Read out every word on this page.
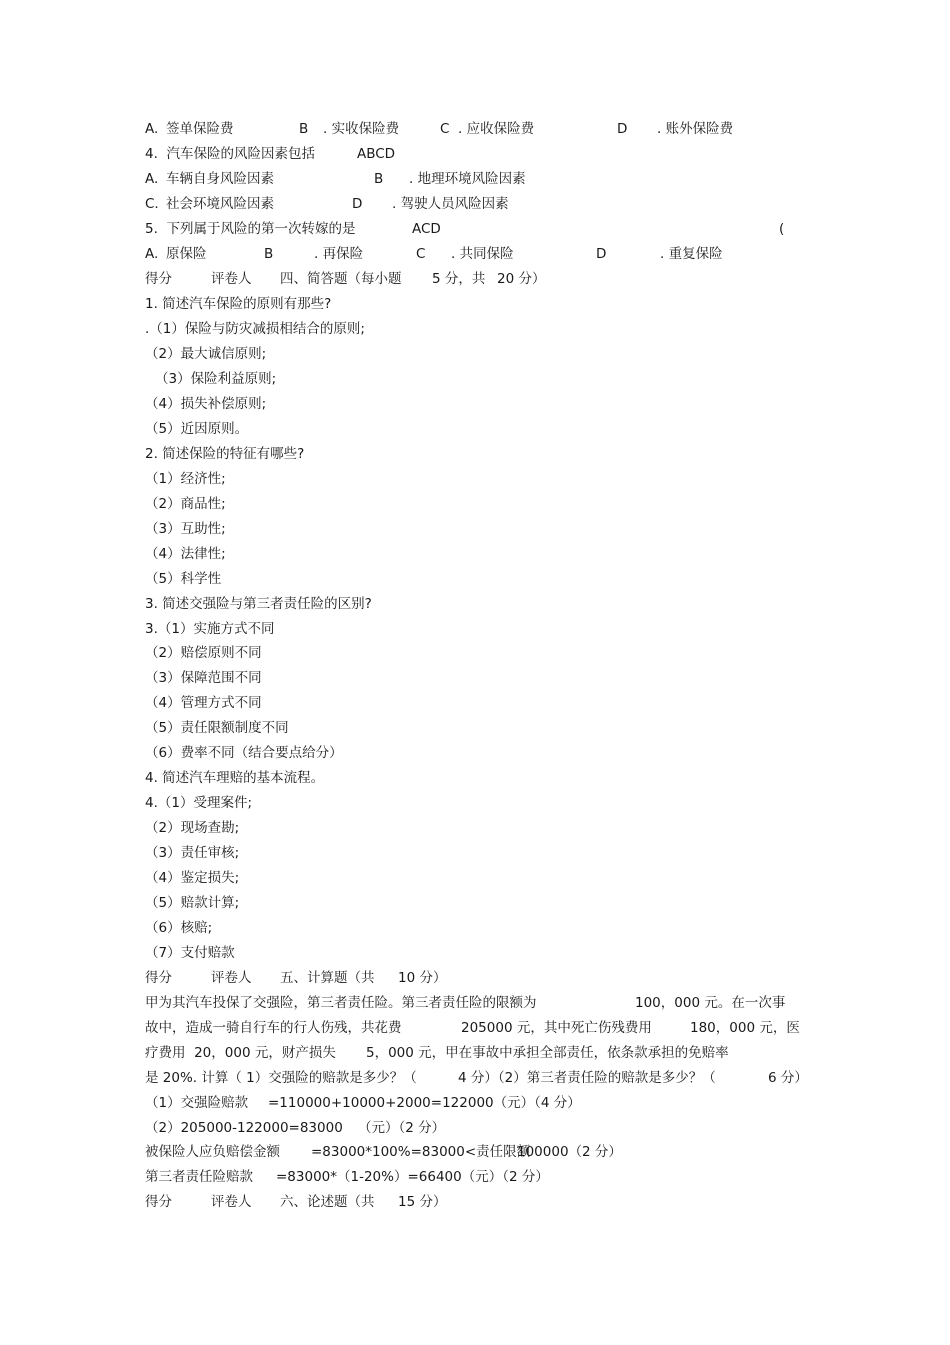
A.

签单保险费

	B

. 实收保险费

	C

. 应收保险费

	D

. 账外保险费

4.  汽车保险的风险因素包括

	ABCD

A.

车辆自身风险因素

	B

. 地理环境风险因素

C.

社会环境风险因素

	D

. 驾驶人员风险因素

5.  下列属于风险的第一次转嫁的是

	ACD

	(

A.

原保险

	B

	. 再保险

	C

. 共同保险

	D

	. 重复保险

得分

	评卷人

四、简答题（每小题

5 分，共

20 分）

1. 简述汽车保险的原则有那些?

.（1）保险与防灾减损相结合的原则;
（2）最大诚信原则;
（3）保险利益原则;
（4）损失补偿原则;
（5）近因原则。

2. 简述保险的特征有哪些?

（1）经济性;
（2）商品性;
（3）互助性;
（4）法律性;
（5）科学性

3. 简述交强险与第三者责任险的区别?

3.（1）实施方式不同
（2）赔偿原则不同
（3）保障范围不同
（4）管理方式不同
（5）责任限额制度不同
（6）费率不同（结合要点给分）

4. 简述汽车理赔的基本流程。

4.（1）受理案件;
（2）现场查勘;
（3）责任审核;
（4）鉴定损失;
（5）赔款计算;
（6）核赔;
（7）支付赔款

得分

	评卷人

五、计算题（共

10 分）

甲为其汽车投保了交强险，第三者责任险。第三者责任险的限额为

	100，000 元。在一次事

故中，造成一骑自行车的行人伤残，共花费

	205000 元，其中死亡伤残费用

	180，000 元，医

疗费用  20，000 元，财产损失

5，000 元，甲在事故中承担全部责任，依条款承担的免赔率

是 20%. 计算（ 1）交强险的赔款是多少？（

	4 分）（2）第三者责任险的赔款是多少？（

	6 分）

（1）交强险赔款

=110000+10000+2000=122000（元）（4 分）

（2）205000-122000=83000

（元）（2 分）

被保险人应负赔偿金额

=83000*100%=83000<责任限额

100000（2 分）

第三者责任险赔款

=83000*（1-20%）=66400（元）（2 分）

得分

	评卷人

六、论述题（共

15 分）
